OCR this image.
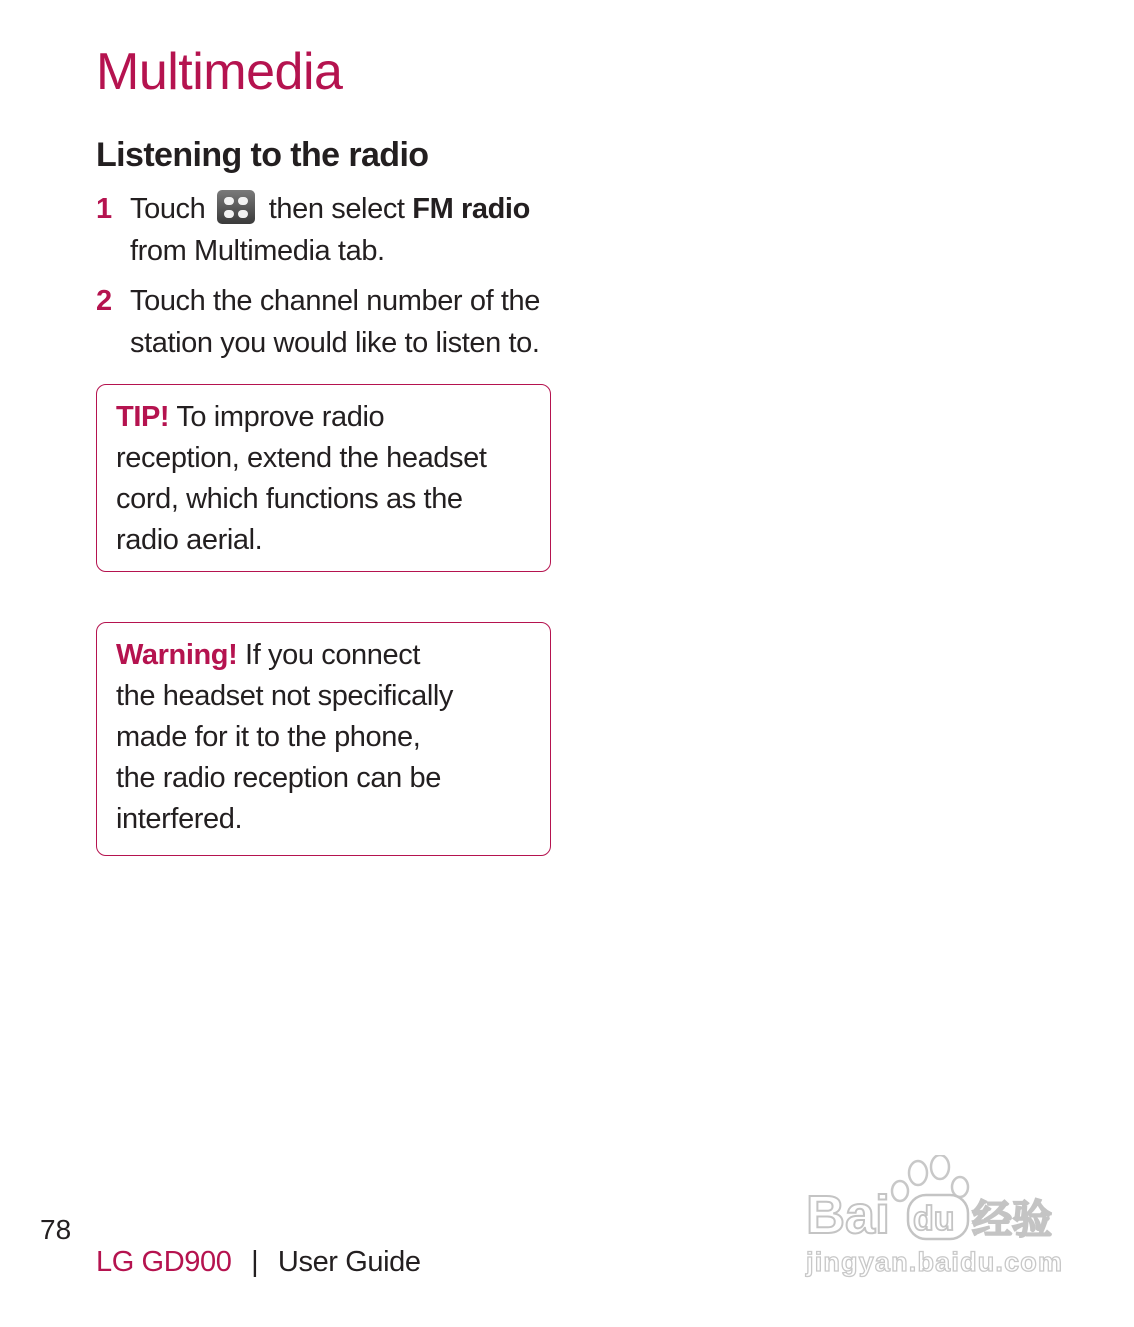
Multimedia
Listening to the radio
1 Touch then select FM radio
from Multimedia tab.
2 Touch the channel number of the
station you would like to listen to.
TIP! To improve radio
reception, extend the headset
cord, which functions as the
radio aerial.
Warning! If you connect
the headset not specifically
made for it to the phone,
the radio reception can be
interfered.
78
LG GD900 | User Guide
Bai du 经验
jingyan.baidu.com
